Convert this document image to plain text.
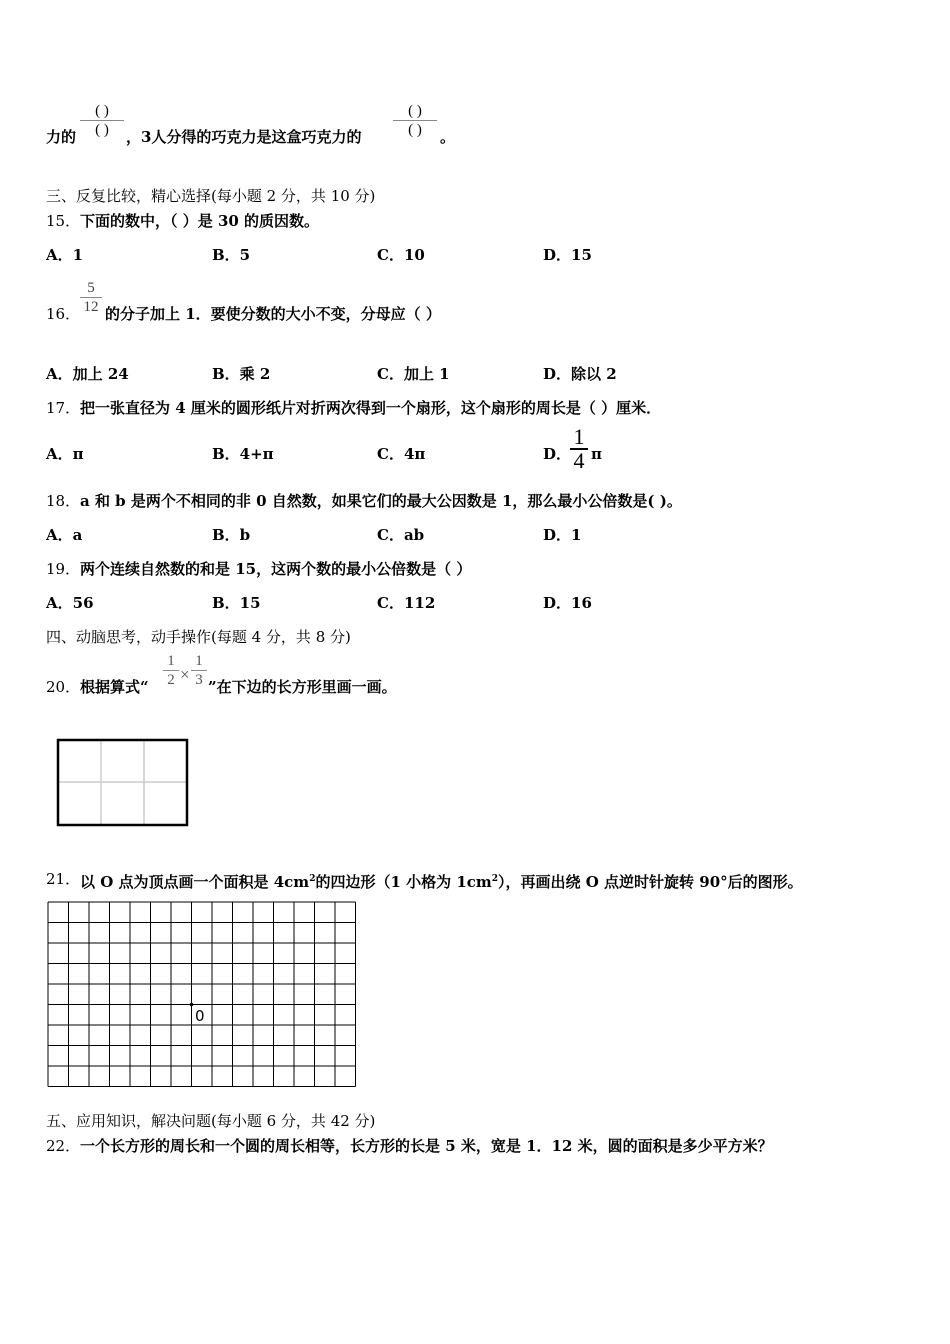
( )
( )
力的	，3人分得的巧克力是这盒巧克力的
( )
( ) 。
三、反复比较，精心选择(每小题 2 分，共 10 分)
15． 下面的数中，（ ）是 30 的质因数。
A．1	B．5	C．10	D．15
16．
5
12 的分子加上 1．要使分数的大小不变，分母应（ ）
A．加上 24	B．乘 2	C．加上 1	D．除以 2
17． 把一张直径为 4 厘米的圆形纸片对折两次得到一个扇形，这个扇形的周长是（ ）厘米．
A．π	B．4+π	C．4π	D．
1
4 π
18． a 和 b 是两个不相同的非 0 自然数，如果它们的最大公因数是 1，那么最小公倍数是( )。
A．a	B．b	C．ab	D．1
19． 两个连续自然数的和是 15，这两个数的最小公倍数是（ ）
A．56	B．15	C．112	D．16
四、动脑思考，动手操作(每题 4 分，共 8 分)
20． 根据算式“
1
2 ×
1
3 ”在下边的长方形里画一画。
21． 以 O 点为顶点画一个面积是 $4cm^2$的四边形（1 小格为 $1cm^2$），再画出绕 O 点逆时针旋转 90°后的图形。
0
五、应用知识，解决问题(每小题 6 分，共 42 分)
22． 一个长方形的周长和一个圆的周长相等，长方形的长是 5 米，宽是 1．12 米，圆的面积是多少平方米？
